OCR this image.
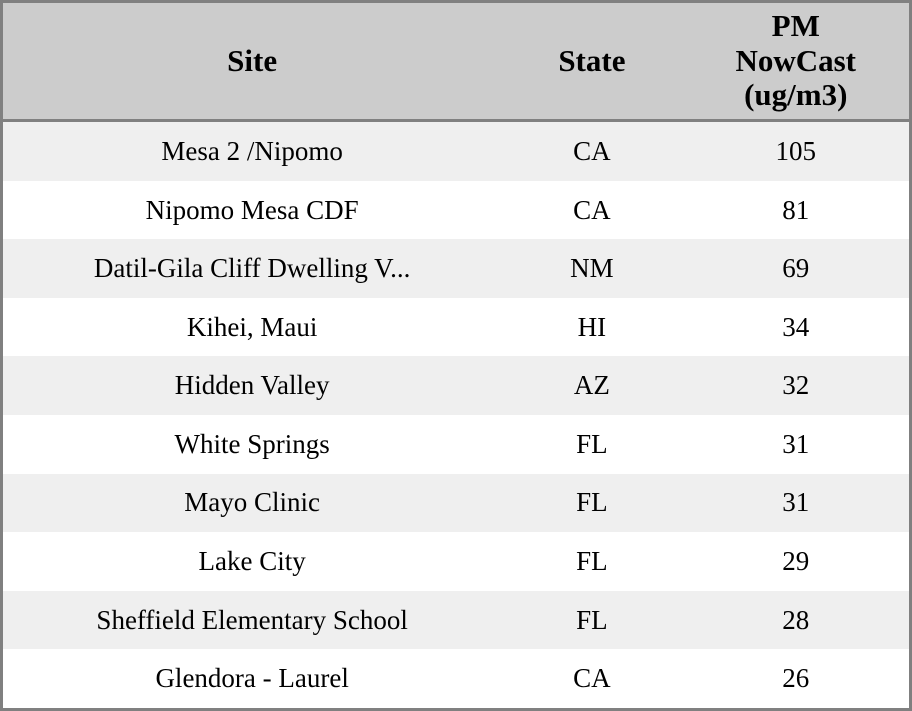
Site	State	PM
NowCast
(ug/m3)

Mesa 2 /Nipomo	CA	105
Nipomo Mesa CDF	CA	81
Datil-Gila Cliff Dwelling V...	NM	69
Kihei, Maui	HI	34
Hidden Valley	AZ	32
White Springs	FL	31
Mayo Clinic	FL	31
Lake City	FL	29
Sheffield Elementary School	FL	28
Glendora - Laurel	CA	26
